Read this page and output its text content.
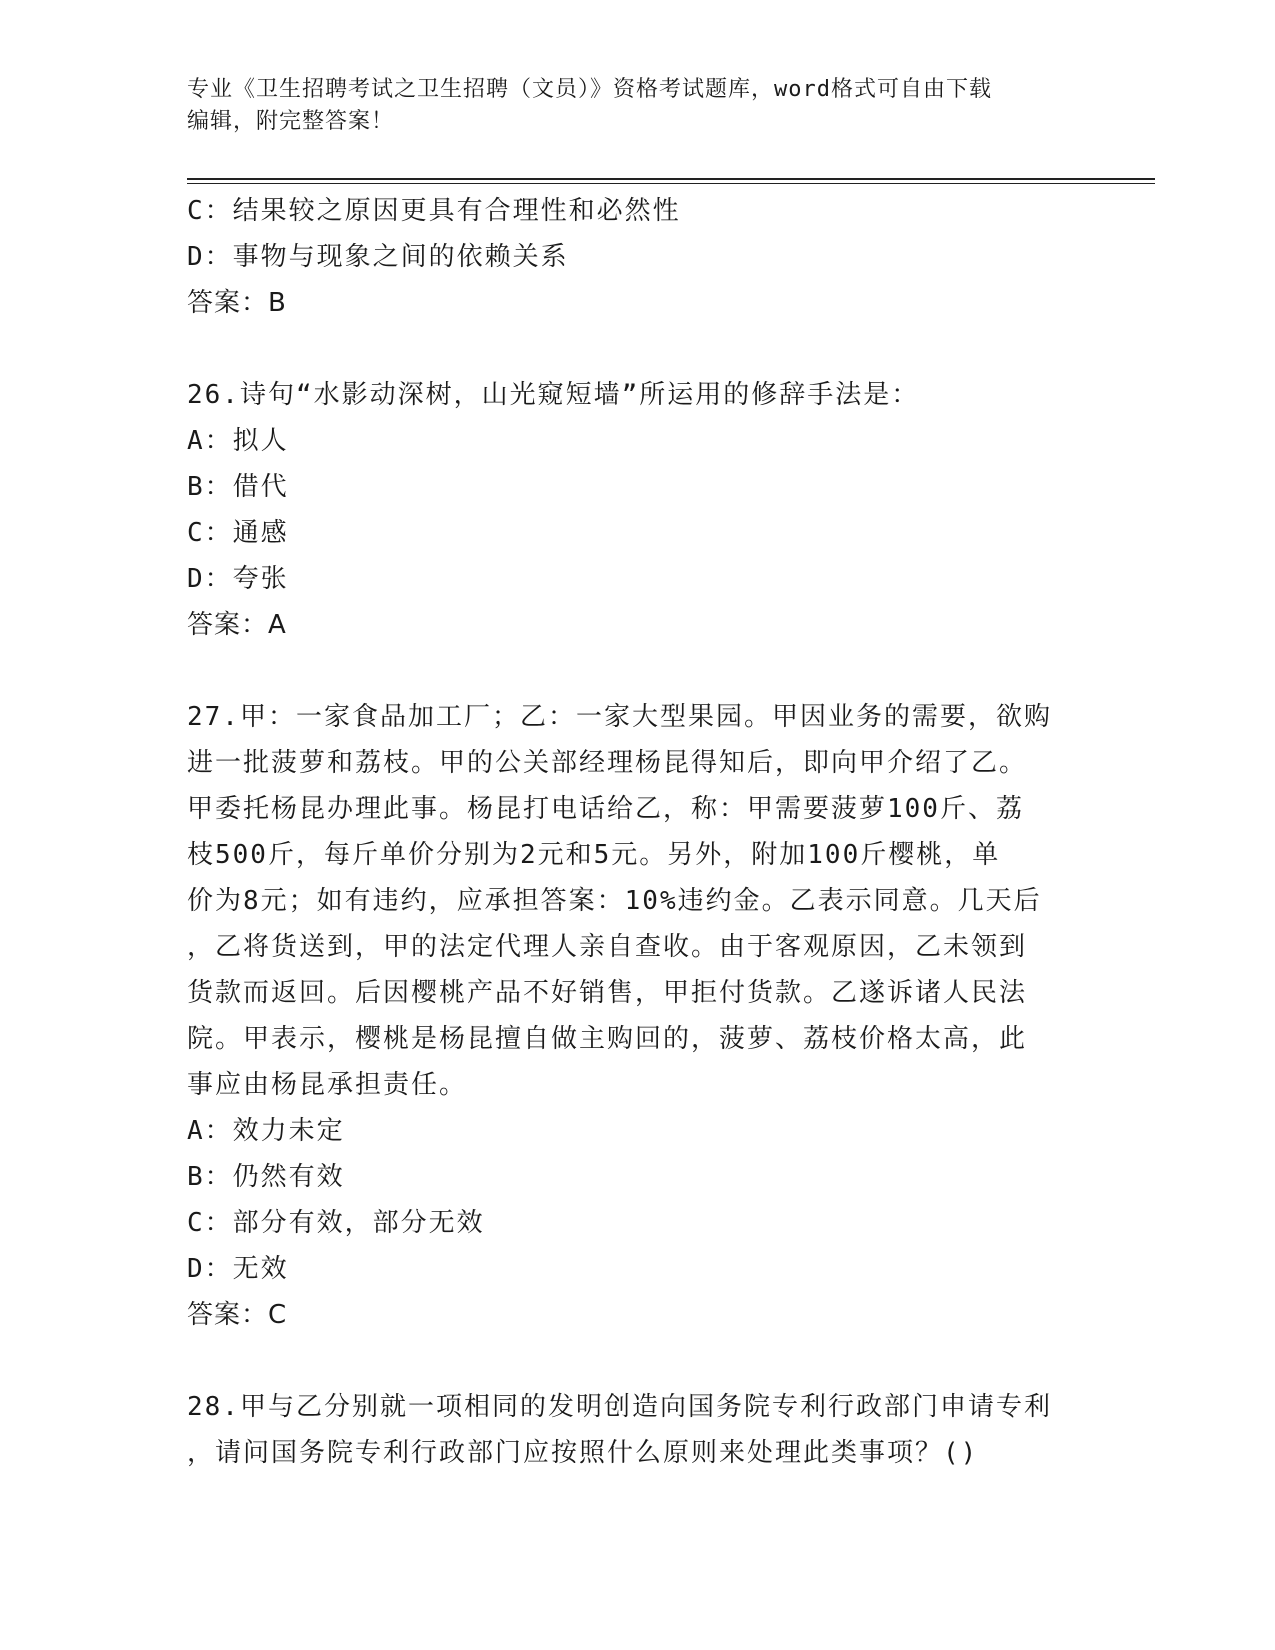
专业《卫生招聘考试之卫生招聘（文员）》资格考试题库，word格式可自由下载
编辑，附完整答案！
C：结果较之原因更具有合理性和必然性
D：事物与现象之间的依赖关系
答案：B
26.诗句“水影动深树，山光窥短墙”所运用的修辞手法是：
A：拟人
B：借代
C：通感
D：夸张
答案：A
27.甲：一家食品加工厂；乙：一家大型果园。甲因业务的需要，欲购
进一批菠萝和荔枝。甲的公关部经理杨昆得知后，即向甲介绍了乙。
甲委托杨昆办理此事。杨昆打电话给乙，称：甲需要菠萝100斤、荔
枝500斤，每斤单价分别为2元和5元。另外，附加100斤樱桃，单
价为8元；如有违约，应承担答案：10%违约金。乙表示同意。几天后
，乙将货送到，甲的法定代理人亲自查收。由于客观原因，乙未领到
货款而返回。后因樱桃产品不好销售，甲拒付货款。乙遂诉诸人民法
院。甲表示，樱桃是杨昆擅自做主购回的，菠萝、荔枝价格太高，此
事应由杨昆承担责任。
A：效力未定
B：仍然有效
C：部分有效，部分无效
D：无效
答案：C
28.甲与乙分别就一项相同的发明创造向国务院专利行政部门申请专利
，请问国务院专利行政部门应按照什么原则来处理此类事项？()
